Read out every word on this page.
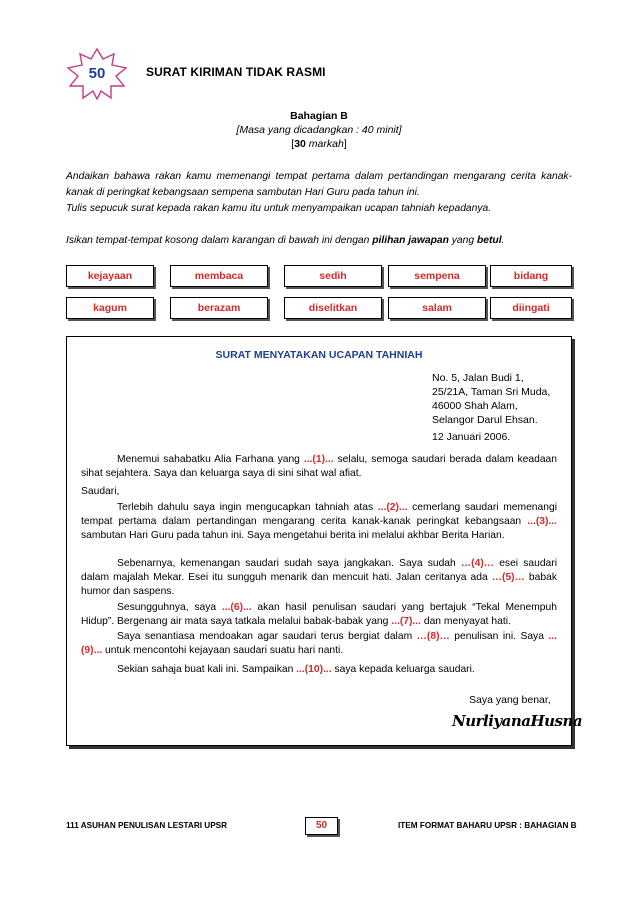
50	SURAT KIRIMAN TIDAK RASMI
Bahagian B
[Masa yang dicadangkan : 40 minit]
[30 markah]
Andaikan bahawa rakan kamu memenangi tempat pertama dalam pertandingan mengarang cerita kanak-kanak di peringkat kebangsaan sempena sambutan Hari Guru pada tahun ini.
Tulis sepucuk surat kepada rakan kamu itu untuk menyampaikan ucapan tahniah kepadanya.
Isikan tempat-tempat kosong dalam karangan di bawah ini dengan pilihan jawapan yang betul.
kejayaan	membaca	sedih	sempena	bidang
kagum	berazam	diselitkan	salam	diingati
SURAT MENYATAKAN UCAPAN TAHNIAH
No. 5, Jalan Budi 1,
25/21A, Taman Sri Muda,
46000 Shah Alam,
Selangor Darul Ehsan.
12 Januari 2006.
Menemui sahabatku Alia Farhana yang ...(1)... selalu, semoga saudari berada dalam keadaan sihat sejahtera. Saya dan keluarga saya di sini sihat wal afiat.
Saudari,
Terlebih dahulu saya ingin mengucapkan tahniah atas ...(2)... cemerlang saudari memenangi tempat pertama dalam pertandingan mengarang cerita kanak-kanak peringkat kebangsaan ...(3)... sambutan Hari Guru pada tahun ini. Saya mengetahui berita ini melalui akhbar Berita Harian.
Sebenarnya, kemenangan saudari sudah saya jangkakan. Saya sudah …(4)… esei saudari dalam majalah Mekar. Esei itu sungguh menarik dan mencuit hati. Jalan ceritanya ada …(5)… babak humor dan saspens.
Sesungguhnya, saya ...(6)... akan hasil penulisan saudari yang bertajuk “Tekal Menempuh Hidup”. Bergenang air mata saya tatkala melalui babak-babak yang ...(7)... dan menyayat hati.
Saya senantiasa mendoakan agar saudari terus bergiat dalam …(8)… penulisan ini. Saya ...(9)... untuk mencontohi kejayaan saudari suatu hari nanti.
Sekian sahaja buat kali ini. Sampaikan ...(10)... saya kepada keluarga saudari.
Saya yang benar,
NurliyanaHusna
111 ASUHAN PENULISAN LESTARI UPSR	50	ITEM FORMAT BAHARU UPSR : BAHAGIAN B
